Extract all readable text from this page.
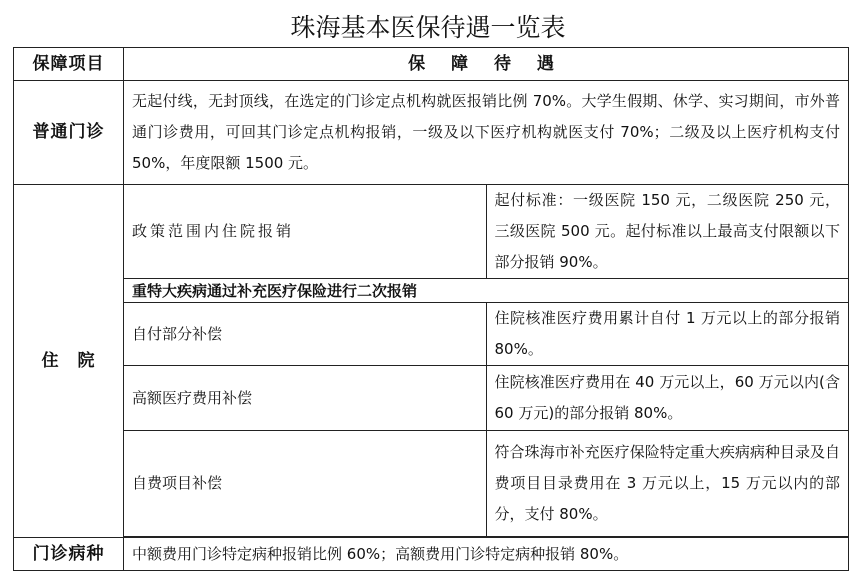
珠海基本医保待遇一览表
保障项目	保 障 待 遇	
普通门诊	无起付线，无封顶线，在选定的门诊定点机构就医报销比例 70%。大学生假期、休学、实习期间，市外普通门诊费用，可回其门诊定点机构报销，一级及以下医疗机构就医支付 70%；二级及以上医疗机构支付 50%，年度限额 1500 元。	
住　院	政策范围内住院报销	起付标准：一级医院 150 元，二级医院 250 元，三级医院 500 元。起付标准以上最高支付限额以下部分报销 90%。
	重特大疾病通过补充医疗保险进行二次报销	
	自付部分补偿	住院核准医疗费用累计自付 1 万元以上的部分报销 80%。
	高额医疗费用补偿	住院核准医疗费用在 40 万元以上，60 万元以内(含 60 万元)的部分报销 80%。
	自费项目补偿	符合珠海市补充医疗保险特定重大疾病病种目录及自费项目目录费用在 3 万元以上，15 万元以内的部分，支付 80%。

门诊病种	中额费用门诊特定病种报销比例 60%；高额费用门诊特定病种报销 80%。	
